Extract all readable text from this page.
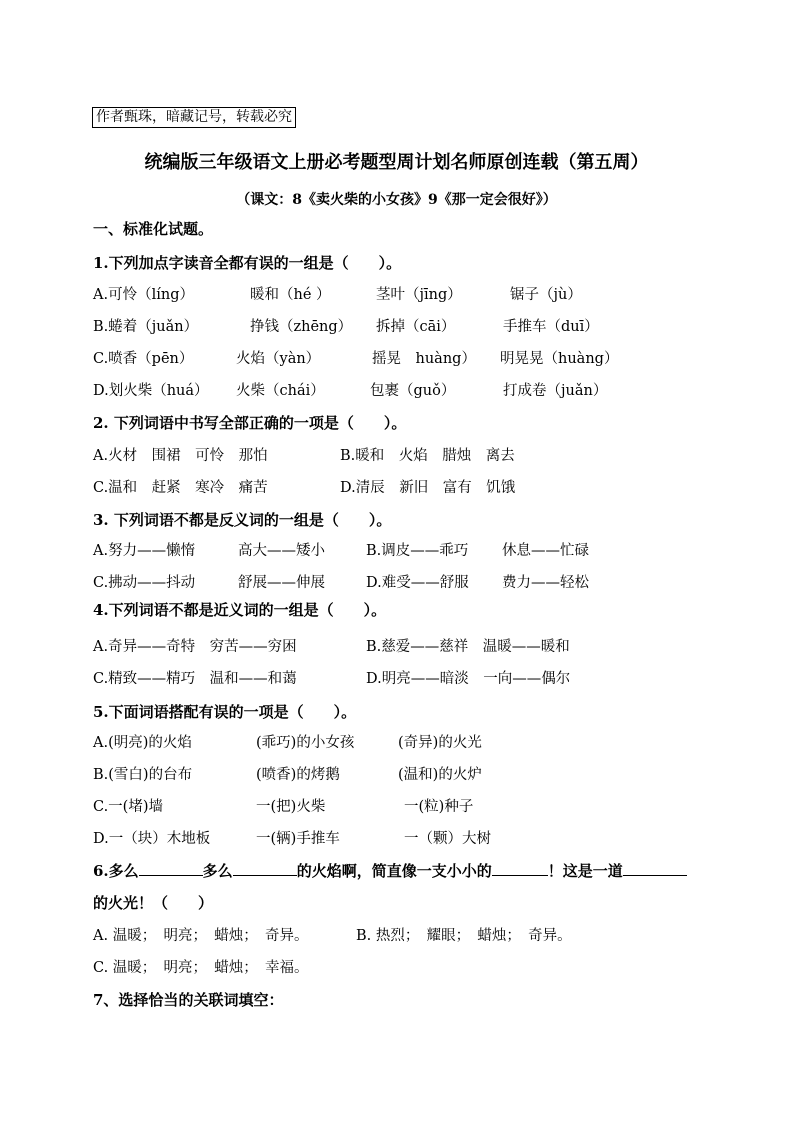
作者甄珠，暗藏记号，转载必究
统编版三年级语文上册必考题型周计划名师原创连载（第五周）
（课文：8《卖火柴的小女孩》9《那一定会很好》）
一、标准化试题。
1.下列加点字读音全都有误的一组是（　　）。
A.可怜（líng）	暖和（hé ）	茎叶（jīng）	锯子（jù）
B.蜷着（juǎn）	挣钱（zhēng） 拆掉（cāi）	手推车（duī）
C.喷香（pēn）	火焰（yàn）	摇晃　huàng） 明晃晃（huàng）
D.划火柴（huá） 火柴（chái）	包裹（guǒ）	打成卷（juǎn）
2. 下列词语中书写全部正确的一项是（　　）。
A.火材　围裙　可怜　那怕	B.暖和　火焰　腊烛　离去
C.温和　赶紧　寒冷　痛苦	D.清辰　新旧　富有　饥饿
3. 下列词语不都是反义词的一组是（　　）。
A.努力——懒惰	高大——矮小	B.调皮——乖巧 休息——忙碌
C.拂动——抖动	舒展——伸展	D.难受——舒服 费力——轻松
4.下列词语不都是近义词的一组是（　　）。
A.奇异——奇特　穷苦——穷困	B.慈爱——慈祥　温暖——暖和
C.精致——精巧　温和——和蔼	D.明亮——暗淡　一向——偶尔
5.下面词语搭配有误的一项是（　　）。
A.(明亮)的火焰	(乖巧)的小女孩	(奇异)的火光
B.(雪白)的台布	(喷香)的烤鹅	(温和)的火炉
C.一(堵)墙	一(把)火柴	一(粒)种子
D.一（块）木地板	一(辆)手推车	一（颗）大树
6.多么	多么	的火焰啊，简直像一支小小的	！这是一道
的火光！（　　）
A. 温暖；　明亮；　蜡烛；　奇异。	B. 热烈；　耀眼；　蜡烛；　奇异。
C. 温暖；　明亮；　蜡烛；　幸福。
7、选择恰当的关联词填空：
